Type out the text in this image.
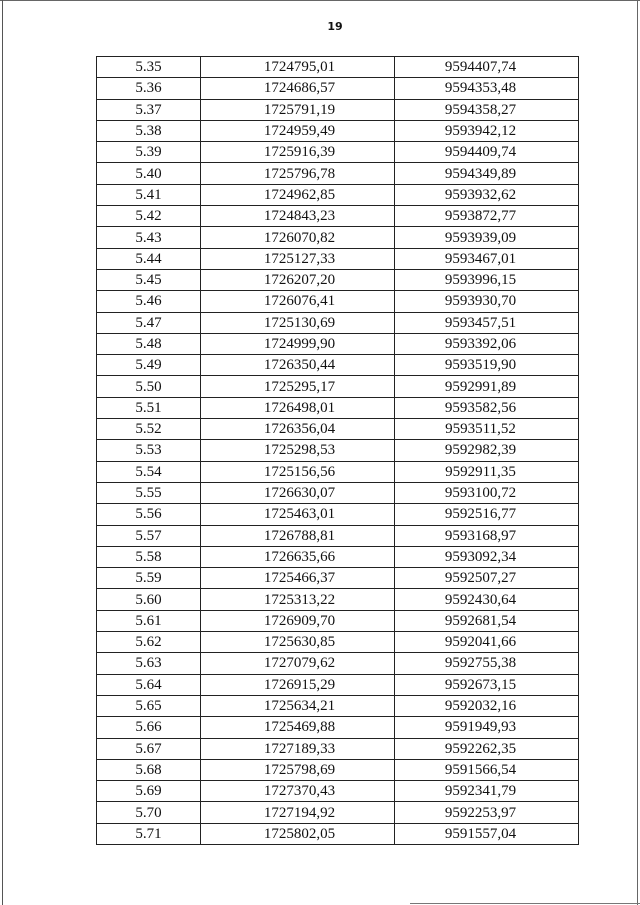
19
5.35	1724795,01	9594407,74
5.36	1724686,57	9594353,48
5.37	1725791,19	9594358,27
5.38	1724959,49	9593942,12
5.39	1725916,39	9594409,74
5.40	1725796,78	9594349,89
5.41	1724962,85	9593932,62
5.42	1724843,23	9593872,77
5.43	1726070,82	9593939,09
5.44	1725127,33	9593467,01
5.45	1726207,20	9593996,15
5.46	1726076,41	9593930,70
5.47	1725130,69	9593457,51
5.48	1724999,90	9593392,06
5.49	1726350,44	9593519,90
5.50	1725295,17	9592991,89
5.51	1726498,01	9593582,56
5.52	1726356,04	9593511,52
5.53	1725298,53	9592982,39
5.54	1725156,56	9592911,35
5.55	1726630,07	9593100,72
5.56	1725463,01	9592516,77
5.57	1726788,81	9593168,97
5.58	1726635,66	9593092,34
5.59	1725466,37	9592507,27
5.60	1725313,22	9592430,64
5.61	1726909,70	9592681,54
5.62	1725630,85	9592041,66
5.63	1727079,62	9592755,38
5.64	1726915,29	9592673,15
5.65	1725634,21	9592032,16
5.66	1725469,88	9591949,93
5.67	1727189,33	9592262,35
5.68	1725798,69	9591566,54
5.69	1727370,43	9592341,79
5.70	1727194,92	9592253,97
5.71	1725802,05	9591557,04
